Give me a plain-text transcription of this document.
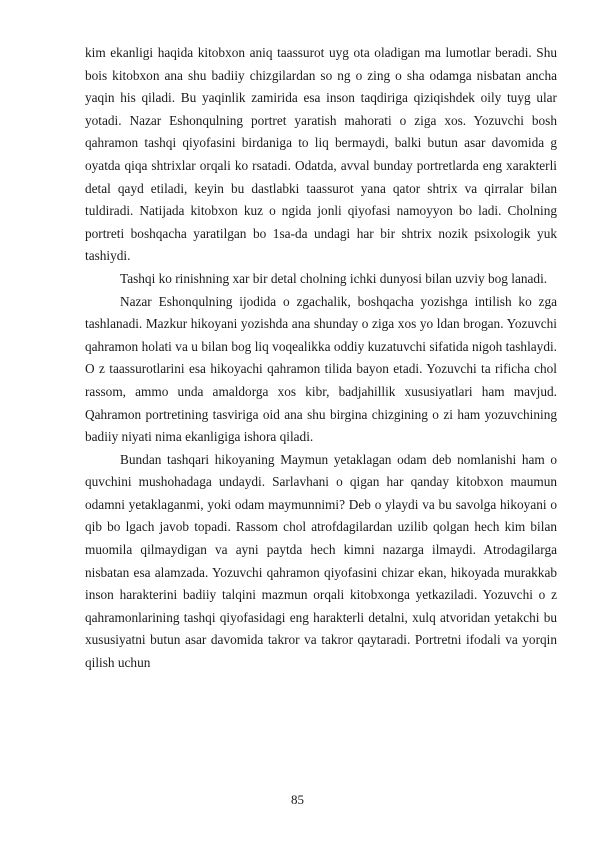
kim ekanligi haqida kitobxon aniq taassurot uyg ota oladigan ma lumotlar beradi. Shu bois kitobxon ana shu badiiy chizgilardan so ng o zing o sha odamga nisbatan ancha yaqin his qiladi. Bu yaqinlik zamirida esa inson taqdiriga qiziqishdek oily tuyg ular yotadi. Nazar Eshonqulning portret yaratish mahorati o ziga xos. Yozuvchi bosh qahramon tashqi qiyofasini birdaniga to liq bermaydi, balki butun asar davomida g oyatda qiqa shtrixlar orqali ko rsatadi. Odatda, avval bunday portretlarda eng xarakterli detal qayd etiladi, keyin bu dastlabki taassurot yana qator shtrix va qirralar bilan tuldiradi. Natijada kitobxon kuz o ngida jonli qiyofasi namoyyon bo ladi. Cholning portreti boshqacha yaratilgan bo 1sa-da undagi har bir shtrix nozik psixologik yuk tashiydi.

Tashqi ko rinishning xar bir detal cholning ichki dunyosi bilan uzviy bog lanadi.

Nazar Eshonqulning ijodida o zgachalik, boshqacha yozishga intilish ko zga tashlanadi. Mazkur hikoyani yozishda ana shunday o ziga xos yo ldan brogan. Yozuvchi qahramon holati va u bilan bog liq voqealikka oddiy kuzatuvchi sifatida nigoh tashlaydi. O z taassurotlarini esa hikoyachi qahramon tilida bayon etadi. Yozuvchi ta rificha chol rassom, ammo unda amaldorga xos kibr, badjahillik xususiyatlari ham mavjud. Qahramon portretining tasviriga oid ana shu birgina chizgining o zi ham yozuvchining badiiy niyati nima ekanligiga ishora qiladi.

Bundan tashqari hikoyaning Maymun yetaklagan odam deb nomlanishi ham o quvchini mushohadaga undaydi. Sarlavhani o qigan har qanday kitobxon maumun odamni yetaklaganmi, yoki odam maymunnimi? Deb o ylaydi va bu savolga hikoyani o qib bo lgach javob topadi. Rassom chol atrofdagilardan uzilib qolgan hech kim bilan muomila qilmaydigan va ayni paytda hech kimni nazarga ilmaydi. Atrodagilarga nisbatan esa alamzada. Yozuvchi qahramon qiyofasini chizar ekan, hikoyada murakkab inson harakterini badiiy talqini mazmun orqali kitobxonga yetkaziladi. Yozuvchi o z qahramonlarining tashqi qiyofasidagi eng harakterli detalni, xulq atvoridan yetakchi bu xususiyatni butun asar davomida takror va takror qaytaradi. Portretni ifodali va yorqin qilish uchun

85
